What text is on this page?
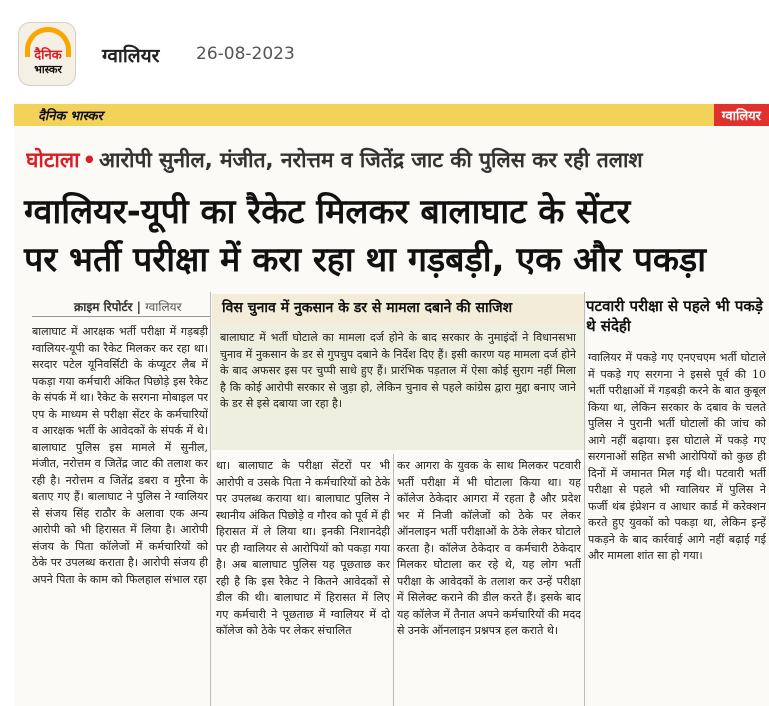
दैनिक
भास्कर
ग्वालियर 26-08-2023
दैनिक भास्कर	ग्वालियर
घोटाला • आरोपी सुनील, मंजीत, नरोत्तम व जितेंद्र जाट की पुलिस कर रही तलाश
ग्वालियर-यूपी का रैकेट मिलकर बालाघाट के सेंटर
पर भर्ती परीक्षा में करा रहा था गड़बड़ी, एक और पकड़ा
क्राइम रिपोर्टर | ग्वालियर
बालाघाट में आरक्षक भर्ती परीक्षा में गड़बड़ी ग्वालियर-यूपी का रैकेट मिलकर कर रहा था। सरदार पटेल यूनिवर्सिटी के कंप्यूटर लैब में पकड़ा गया कर्मचारी अंकित पिछोड़े इस रैकेट के संपर्क में था। रैकेट के सरगना मोबाइल पर एप के माध्यम से परीक्षा सेंटर के कर्मचारियों व आरक्षक भर्ती के आवेदकों के संपर्क में थे। बालाघाट पुलिस इस मामले में सुनील, मंजीत, नरोत्तम व जितेंद्र जाट की तलाश कर रही है। नरोत्तम व जितेंद्र डबरा व मुरैना के बताए गए हैं। बालाघाट ने पुलिस ने ग्वालियर से संजय सिंह राठौर के अलावा एक अन्य आरोपी को भी हिरासत में लिया है। आरोपी संजय के पिता कॉलेजों में कर्मचारियों को ठेके पर उपलब्ध कराता है। आरोपी संजय ही अपने पिता के काम को फिलहाल संभाल रहा
विस चुनाव में नुकसान के डर से मामला दबाने की साजिश
बालाघाट में भर्ती घोटाले का मामला दर्ज होने के बाद सरकार के नुमाइंदों ने विधानसभा चुनाव में नुकसान के डर से गुपचुप दबाने के निर्देश दिए हैं। इसी कारण यह मामला दर्ज होने के बाद अफसर इस पर चुप्पी साधे हुए हैं। प्रारंभिक पड़ताल में ऐसा कोई सुराग नहीं मिला है कि कोई आरोपी सरकार से जुड़ा हो, लेकिन चुनाव से पहले कांग्रेस द्वारा मुद्दा बनाए जाने के डर से इसे दबाया जा रहा है।
था। बालाघाट के परीक्षा सेंटरों पर भी आरोपी व उसके पिता ने कर्मचारियों को ठेके पर उपलब्ध कराया था। बालाघाट पुलिस ने स्थानीय अंकित पिछोड़े व गौरव को पूर्व में ही हिरासत में ले लिया था। इनकी निशानदेही पर ही ग्वालियर से आरोपियों को पकड़ा गया है। अब बालाघाट पुलिस यह पूछताछ कर रही है कि इस रैकेट ने कितने आवेदकों से डील की थी। बालाघाट में हिरासत में लिए गए कर्मचारी ने पूछताछ में ग्वालियर में दो कॉलेज को ठेके पर लेकर संचालित
कर आगरा के युवक के साथ मिलकर पटवारी भर्ती परीक्षा में भी घोटाला किया था। यह कॉलेज ठेकेदार आगरा में रहता है और प्रदेश भर में निजी कॉलेजों को ठेके पर लेकर ऑनलाइन भर्ती परीक्षाओं के ठेके लेकर घोटाले करता है। कॉलेज ठेकेदार व कर्मचारी ठेकेदार मिलकर घोटाला कर रहे थे, यह लोग भर्ती परीक्षा के आवेदकों के तलाश कर उन्हें परीक्षा में सिलेक्ट कराने की डील करते हैं। इसके बाद यह कॉलेज में तैनात अपने कर्मचारियों की मदद से उनके ऑनलाइन प्रश्नपत्र हल कराते थे।
पटवारी परीक्षा से पहले भी पकड़े थे संदेही
ग्वालियर में पकड़े गए एनएचएम भर्ती घोटाले में पकड़े गए सरगना ने इससे पूर्व की 10 भर्ती परीक्षाओं में गड़बड़ी करने के बात कुबूल किया था, लेकिन सरकार के दबाव के चलते पुलिस ने पुरानी भर्ती घोटालों की जांच को आगे नहीं बढ़ाया। इस घोटाले में पकड़े गए सरगनाओं सहित सभी आरोपियों को कुछ ही दिनों में जमानत मिल गई थी। पटवारी भर्ती परीक्षा से पहले भी ग्वालियर में पुलिस ने फर्जी थंब इंप्रेशन व आधार कार्ड में करेक्शन करते हुए युवकों को पकड़ा था, लेकिन इन्हें पकड़ने के बाद कार्रवाई आगे नहीं बढ़ाई गई और मामला शांत सा हो गया।
